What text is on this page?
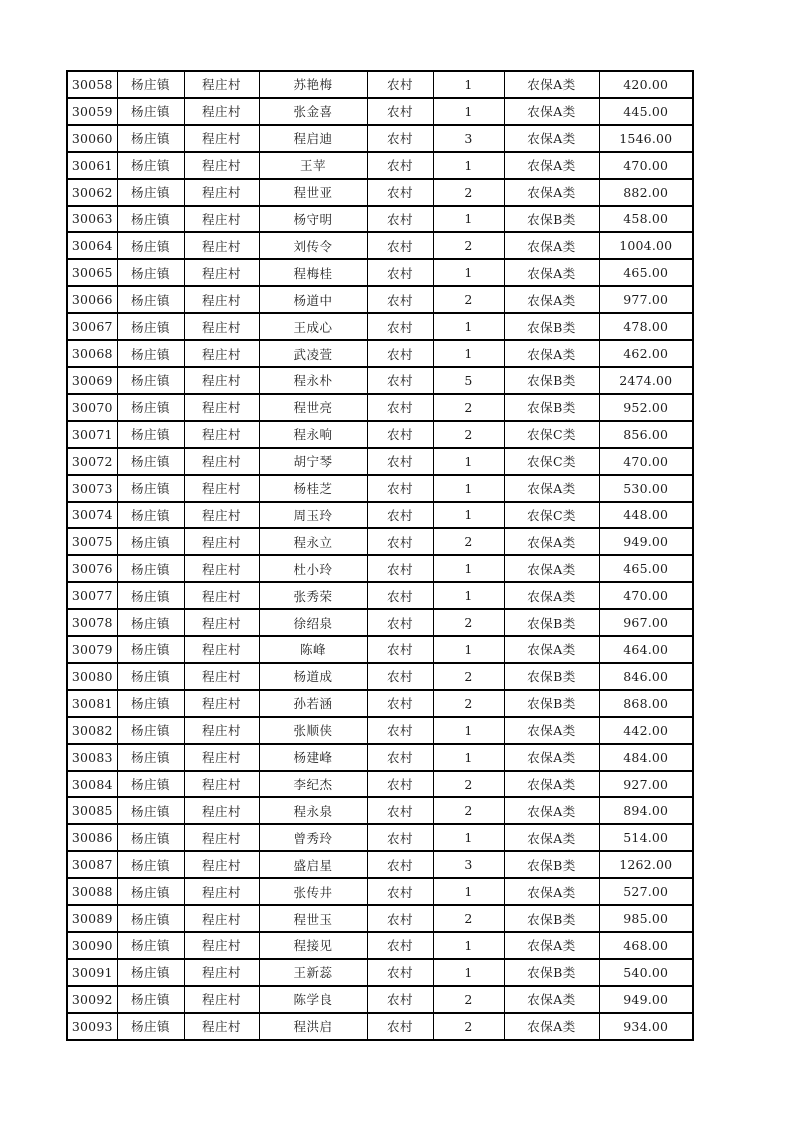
30058	杨庄镇	程庄村	苏艳梅	农村	1	农保A类	420.00
30059	杨庄镇	程庄村	张金喜	农村	1	农保A类	445.00
30060	杨庄镇	程庄村	程启迪	农村	3	农保A类	1546.00
30061	杨庄镇	程庄村	王苹	农村	1	农保A类	470.00
30062	杨庄镇	程庄村	程世亚	农村	2	农保A类	882.00
30063	杨庄镇	程庄村	杨守明	农村	1	农保B类	458.00
30064	杨庄镇	程庄村	刘传令	农村	2	农保A类	1004.00
30065	杨庄镇	程庄村	程梅桂	农村	1	农保A类	465.00
30066	杨庄镇	程庄村	杨道中	农村	2	农保A类	977.00
30067	杨庄镇	程庄村	王成心	农村	1	农保B类	478.00
30068	杨庄镇	程庄村	武凌萱	农村	1	农保A类	462.00
30069	杨庄镇	程庄村	程永朴	农村	5	农保B类	2474.00
30070	杨庄镇	程庄村	程世亮	农村	2	农保B类	952.00
30071	杨庄镇	程庄村	程永响	农村	2	农保C类	856.00
30072	杨庄镇	程庄村	胡宁琴	农村	1	农保C类	470.00
30073	杨庄镇	程庄村	杨桂芝	农村	1	农保A类	530.00
30074	杨庄镇	程庄村	周玉玲	农村	1	农保C类	448.00
30075	杨庄镇	程庄村	程永立	农村	2	农保A类	949.00
30076	杨庄镇	程庄村	杜小玲	农村	1	农保A类	465.00
30077	杨庄镇	程庄村	张秀荣	农村	1	农保A类	470.00
30078	杨庄镇	程庄村	徐绍泉	农村	2	农保B类	967.00
30079	杨庄镇	程庄村	陈峰	农村	1	农保A类	464.00
30080	杨庄镇	程庄村	杨道成	农村	2	农保B类	846.00
30081	杨庄镇	程庄村	孙若涵	农村	2	农保B类	868.00
30082	杨庄镇	程庄村	张顺侠	农村	1	农保A类	442.00
30083	杨庄镇	程庄村	杨建峰	农村	1	农保A类	484.00
30084	杨庄镇	程庄村	李纪杰	农村	2	农保A类	927.00
30085	杨庄镇	程庄村	程永泉	农村	2	农保A类	894.00
30086	杨庄镇	程庄村	曾秀玲	农村	1	农保A类	514.00
30087	杨庄镇	程庄村	盛启星	农村	3	农保B类	1262.00
30088	杨庄镇	程庄村	张传井	农村	1	农保A类	527.00
30089	杨庄镇	程庄村	程世玉	农村	2	农保B类	985.00
30090	杨庄镇	程庄村	程接见	农村	1	农保A类	468.00
30091	杨庄镇	程庄村	王新蕊	农村	1	农保B类	540.00
30092	杨庄镇	程庄村	陈学良	农村	2	农保A类	949.00
30093	杨庄镇	程庄村	程洪启	农村	2	农保A类	934.00
